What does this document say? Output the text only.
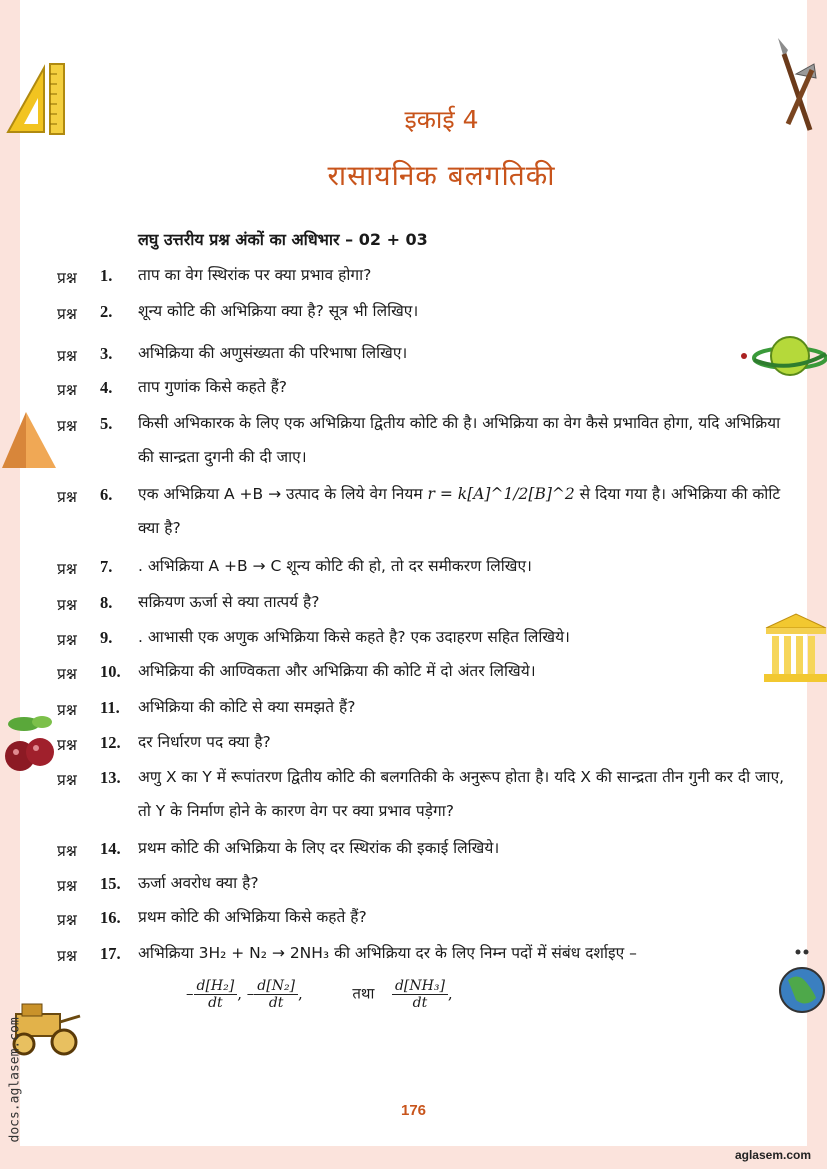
docs.aglasem.com
इकाई 4
रासायनिक बलगतिकी
लघु उत्तरीय प्रश्न अंकों का अधिभार – 02 + 03
प्रश्न	1.	ताप का वेग स्थिरांक पर क्या प्रभाव होगा?
प्रश्न	2.	शून्य कोटि की अभिक्रिया क्या है? सूत्र भी लिखिए।
प्रश्न	3.	अभिक्रिया की अणुसंख्यता की परिभाषा लिखिए।
प्रश्न	4.	ताप गुणांक किसे कहते हैं?
प्रश्न	5.	किसी अभिकारक के लिए एक अभिक्रिया द्वितीय कोटि की है। अभिक्रिया का वेग कैसे प्रभावित होगा, यदि अभिक्रिया की सान्द्रता दुगनी की दी जाए।
प्रश्न	6.	एक अभिक्रिया A +B → उत्पाद के लिये वेग नियम r = k[A]^1/2[B]^2 से दिया गया है। अभिक्रिया की कोटि क्या है?
प्रश्न	7.	. अभिक्रिया A +B → C शून्य कोटि की हो, तो दर समीकरण लिखिए।
प्रश्न	8.	सक्रियण ऊर्जा से क्या तात्पर्य है?
प्रश्न	9.	. आभासी एक अणुक अभिक्रिया किसे कहते है? एक उदाहरण सहित लिखिये।
प्रश्न	10.	अभिक्रिया की आण्विकता और अभिक्रिया की कोटि में दो अंतर लिखिये।
प्रश्न	11.	अभिक्रिया की कोटि से क्या समझते हैं?
प्रश्न	12.	दर निर्धारण पद क्या है?
प्रश्न	13.	अणु X का Y में रूपांतरण द्वितीय कोटि की बलगतिकी के अनुरूप होता है। यदि X की सान्द्रता तीन गुनी कर दी जाए, तो Y के निर्माण होने के कारण वेग पर क्या प्रभाव पड़ेगा?
प्रश्न	14.	प्रथम कोटि की अभिक्रिया के लिए दर स्थिरांक की इकाई लिखिये।
प्रश्न	15.	ऊर्जा अवरोध क्या है?
प्रश्न	16.	प्रथम कोटि की अभिक्रिया किसे कहते हैं?
प्रश्न	17.	अभिक्रिया 3H₂ + N₂ → 2NH₃ की अभिक्रिया दर के लिए निम्न पदों में संबंध दर्शाइए –
– $\frac{\text{d[H₂]}}{dt}$ , – $\frac{\text{d[N₂]}}{dt}$ ,	तथा $\frac{\text{d[NH₃]}}{dt}$ ,
176
aglasem.com
